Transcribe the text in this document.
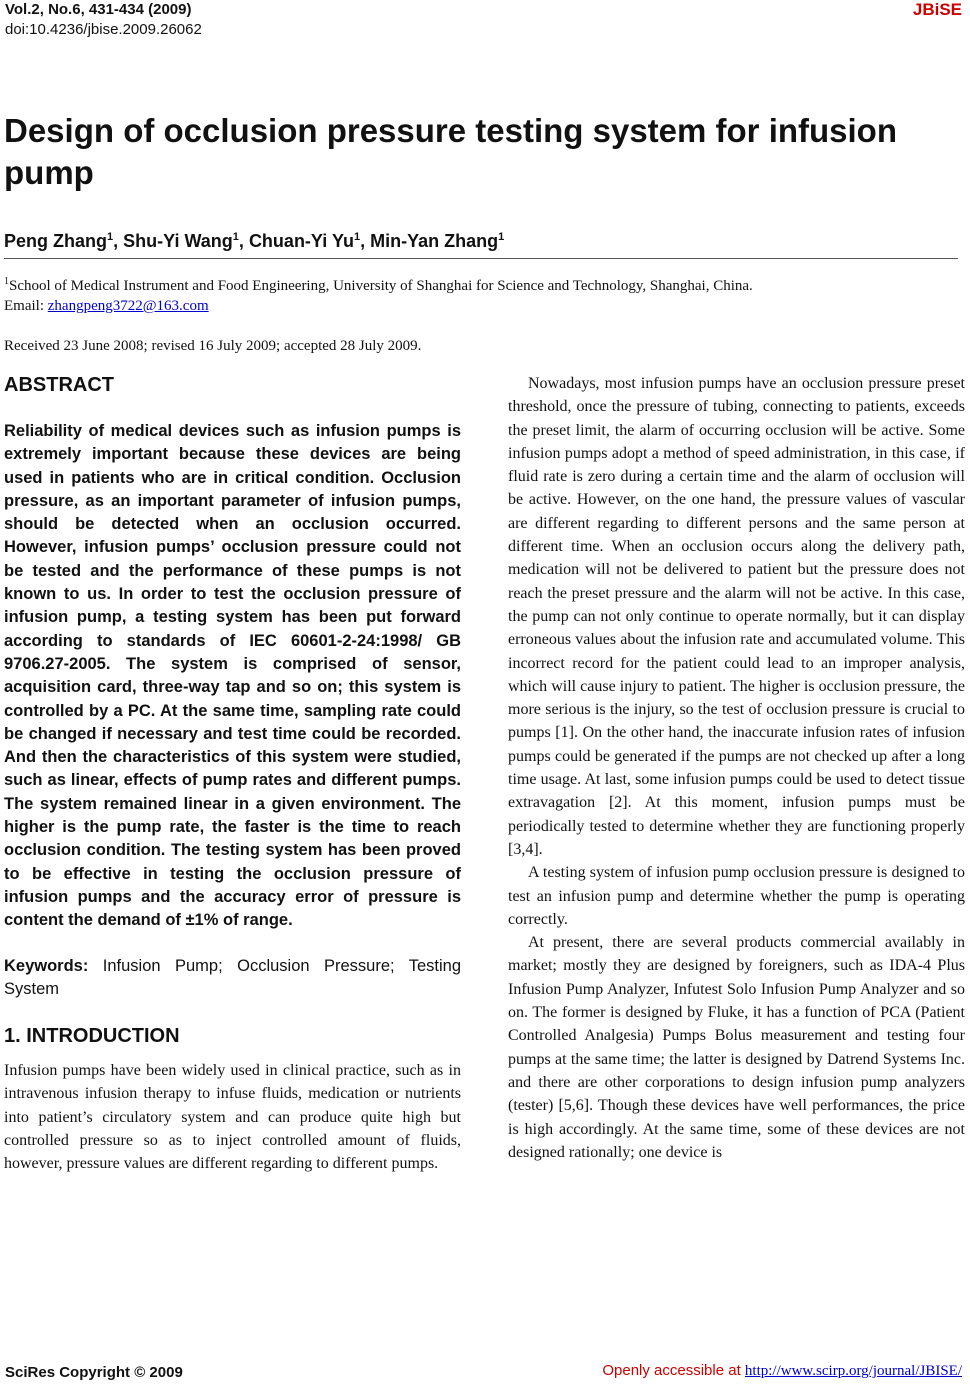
Vol.2, No.6, 431-434 (2009)
doi:10.4236/jbise.2009.26062
JBiSE
Design of occlusion pressure testing system for infusion pump

Peng Zhang$^1$, Shu-Yi Wang$^1$, Chuan-Yi Yu$^1$, Min-Yan Zhang$^1$

$^1$School of Medical Instrument and Food Engineering, University of Shanghai for Science and Technology, Shanghai, China.
Email: zhangpeng3722@163.com
Received 23 June 2008; revised 16 July 2009; accepted 28 July 2009.
ABSTRACT
Reliability of medical devices such as infusion pumps is extremely important because these devices are being used in patients who are in critical condition. Occlusion pressure, as an important parameter of infusion pumps, should be detected when an occlusion occurred. However, infusion pumps’ occlusion pressure could not be tested and the performance of these pumps is not known to us. In order to test the occlusion pressure of infusion pump, a testing system has been put forward according to standards of IEC 60601-2-24:1998/ GB 9706.27-2005. The system is comprised of sensor, acquisition card, three-way tap and so on; this system is controlled by a PC. At the same time, sampling rate could be changed if necessary and test time could be recorded. And then the characteristics of this system were studied, such as linear, effects of pump rates and different pumps. The system remained linear in a given environment. The higher is the pump rate, the faster is the time to reach occlusion condition. The testing system has been proved to be effective in testing the occlusion pressure of infusion pumps and the accuracy error of pressure is content the demand of ±1% of range.
Keywords: Infusion Pump; Occlusion Pressure; Testing System
1. INTRODUCTION
Infusion pumps have been widely used in clinical practice, such as in intravenous infusion therapy to infuse fluids, medication or nutrients into patient’s circulatory system and can produce quite high but controlled pressure so as to inject controlled amount of fluids, however, pressure values are different regarding to different pumps.
Nowadays, most infusion pumps have an occlusion pressure preset threshold, once the pressure of tubing, connecting to patients, exceeds the preset limit, the alarm of occurring occlusion will be active. Some infusion pumps adopt a method of speed administration, in this case, if fluid rate is zero during a certain time and the alarm of occlusion will be active. However, on the one hand, the pressure values of vascular are different regarding to different persons and the same person at different time. When an occlusion occurs along the delivery path, medication will not be delivered to patient but the pressure does not reach the preset pressure and the alarm will not be active. In this case, the pump can not only continue to operate normally, but it can display erroneous values about the infusion rate and accumulated volume. This incorrect record for the patient could lead to an improper analysis, which will cause injury to patient. The higher is occlusion pressure, the more serious is the injury, so the test of occlusion pressure is crucial to pumps [1]. On the other hand, the inaccurate infusion rates of infusion pumps could be generated if the pumps are not checked up after a long time usage. At last, some infusion pumps could be used to detect tissue extravagation [2]. At this moment, infusion pumps must be periodically tested to determine whether they are functioning properly [3,4].
A testing system of infusion pump occlusion pressure is designed to test an infusion pump and determine whether the pump is operating correctly.
At present, there are several products commercial availably in market; mostly they are designed by foreigners, such as IDA-4 Plus Infusion Pump Analyzer, Infutest Solo Infusion Pump Analyzer and so on. The former is designed by Fluke, it has a function of PCA (Patient Controlled Analgesia) Pumps Bolus measurement and testing four pumps at the same time; the latter is designed by Datrend Systems Inc. and there are other corporations to design infusion pump analyzers (tester) [5,6]. Though these devices have well performances, the price is high accordingly. At the same time, some of these devices are not designed rationally; one device is
SciRes Copyright © 2009	Openly accessible at http://www.scirp.org/journal/JBISE/
